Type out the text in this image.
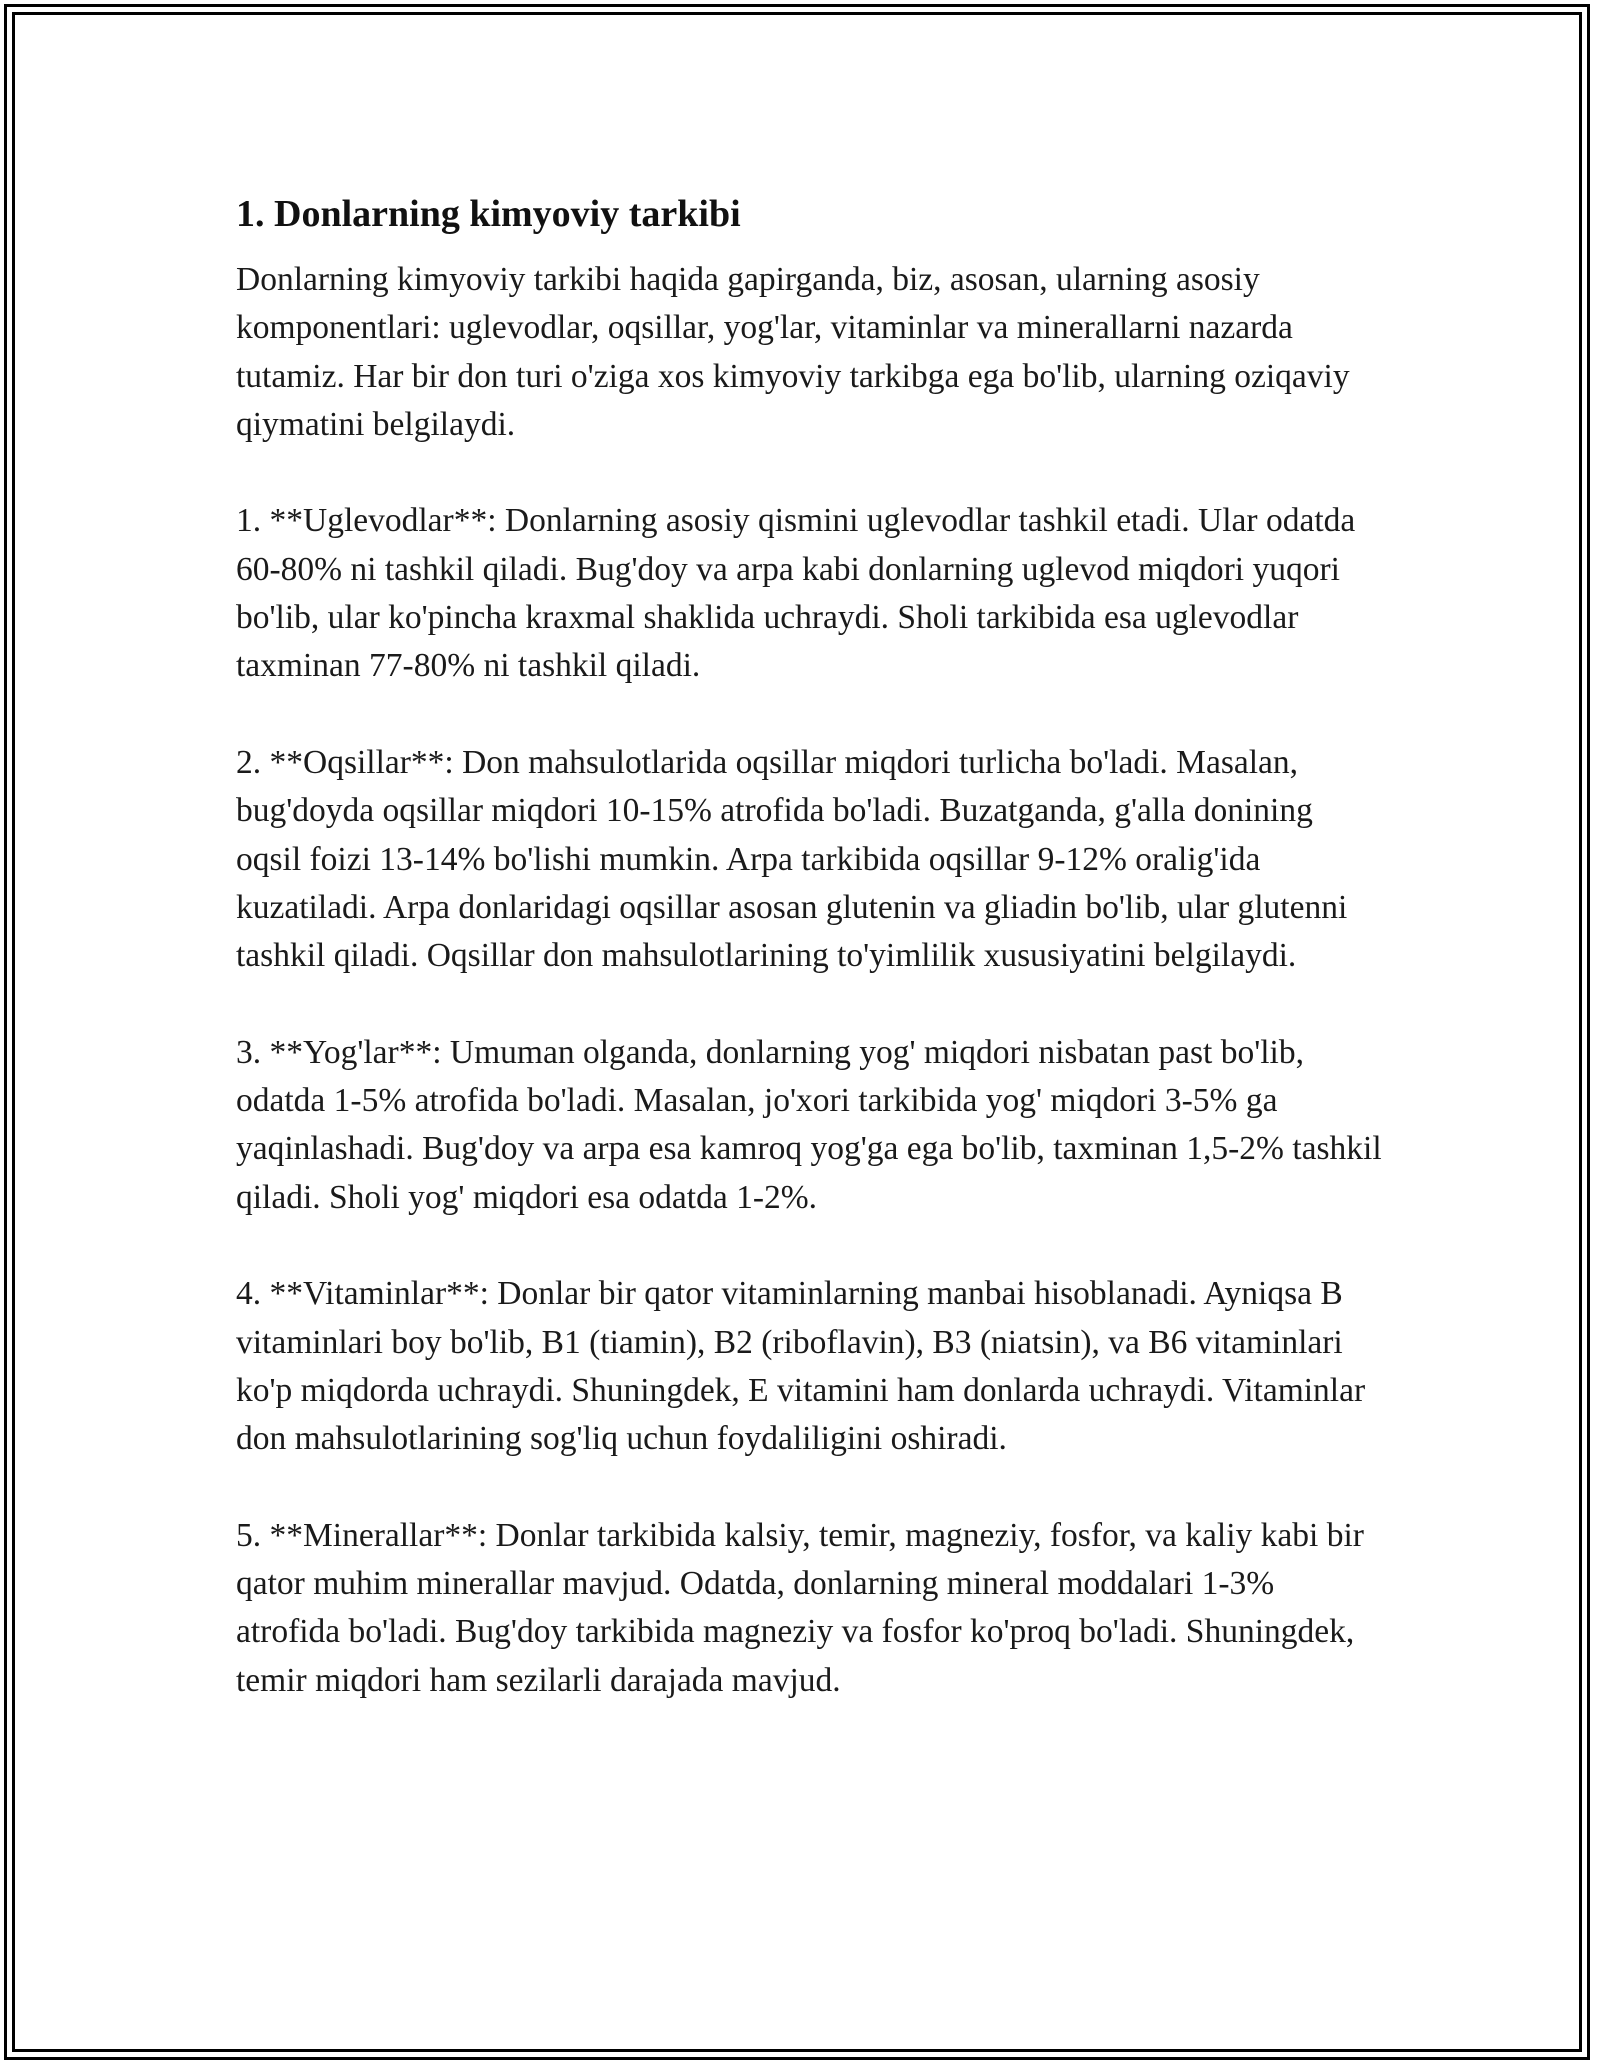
1. Donlarning kimyoviy tarkibi

Donlarning kimyoviy tarkibi haqida gapirganda, biz, asosan, ularning asosiy komponentlari: uglevodlar, oqsillar, yog'lar, vitaminlar va minerallarni nazarda tutamiz. Har bir don turi o'ziga xos kimyoviy tarkibga ega bo'lib, ularning oziqaviy qiymatini belgilaydi.

1. **Uglevodlar**: Donlarning asosiy qismini uglevodlar tashkil etadi. Ular odatda 60-80% ni tashkil qiladi. Bug'doy va arpa kabi donlarning uglevod miqdori yuqori bo'lib, ular ko'pincha kraxmal shaklida uchraydi. Sholi tarkibida esa uglevodlar taxminan 77-80% ni tashkil qiladi.

2. **Oqsillar**: Don mahsulotlarida oqsillar miqdori turlicha bo'ladi. Masalan, bug'doyda oqsillar miqdori 10-15% atrofida bo'ladi. Buzatganda, g'alla donining oqsil foizi 13-14% bo'lishi mumkin. Arpa tarkibida oqsillar 9-12% oralig'ida kuzatiladi. Arpa donlaridagi oqsillar asosan glutenin va gliadin bo'lib, ular glutenni tashkil qiladi. Oqsillar don mahsulotlarining to'yimlilik xususiyatini belgilaydi.

3. **Yog'lar**: Umuman olganda, donlarning yog' miqdori nisbatan past bo'lib, odatda 1-5% atrofida bo'ladi. Masalan, jo'xori tarkibida yog' miqdori 3-5% ga yaqinlashadi. Bug'doy va arpa esa kamroq yog'ga ega bo'lib, taxminan 1,5-2% tashkil qiladi. Sholi yog' miqdori esa odatda 1-2%.

4. **Vitaminlar**: Donlar bir qator vitaminlarning manbai hisoblanadi. Ayniqsa B vitaminlari boy bo'lib, B1 (tiamin), B2 (riboflavin), B3 (niatsin), va B6 vitaminlari ko'p miqdorda uchraydi. Shuningdek, E vitamini ham donlarda uchraydi. Vitaminlar don mahsulotlarining sog'liq uchun foydaliligini oshiradi.

5. **Minerallar**: Donlar tarkibida kalsiy, temir, magneziy, fosfor, va kaliy kabi bir qator muhim minerallar mavjud. Odatda, donlarning mineral moddalari 1-3% atrofida bo'ladi. Bug'doy tarkibida magneziy va fosfor ko'proq bo'ladi. Shuningdek, temir miqdori ham sezilarli darajada mavjud.
